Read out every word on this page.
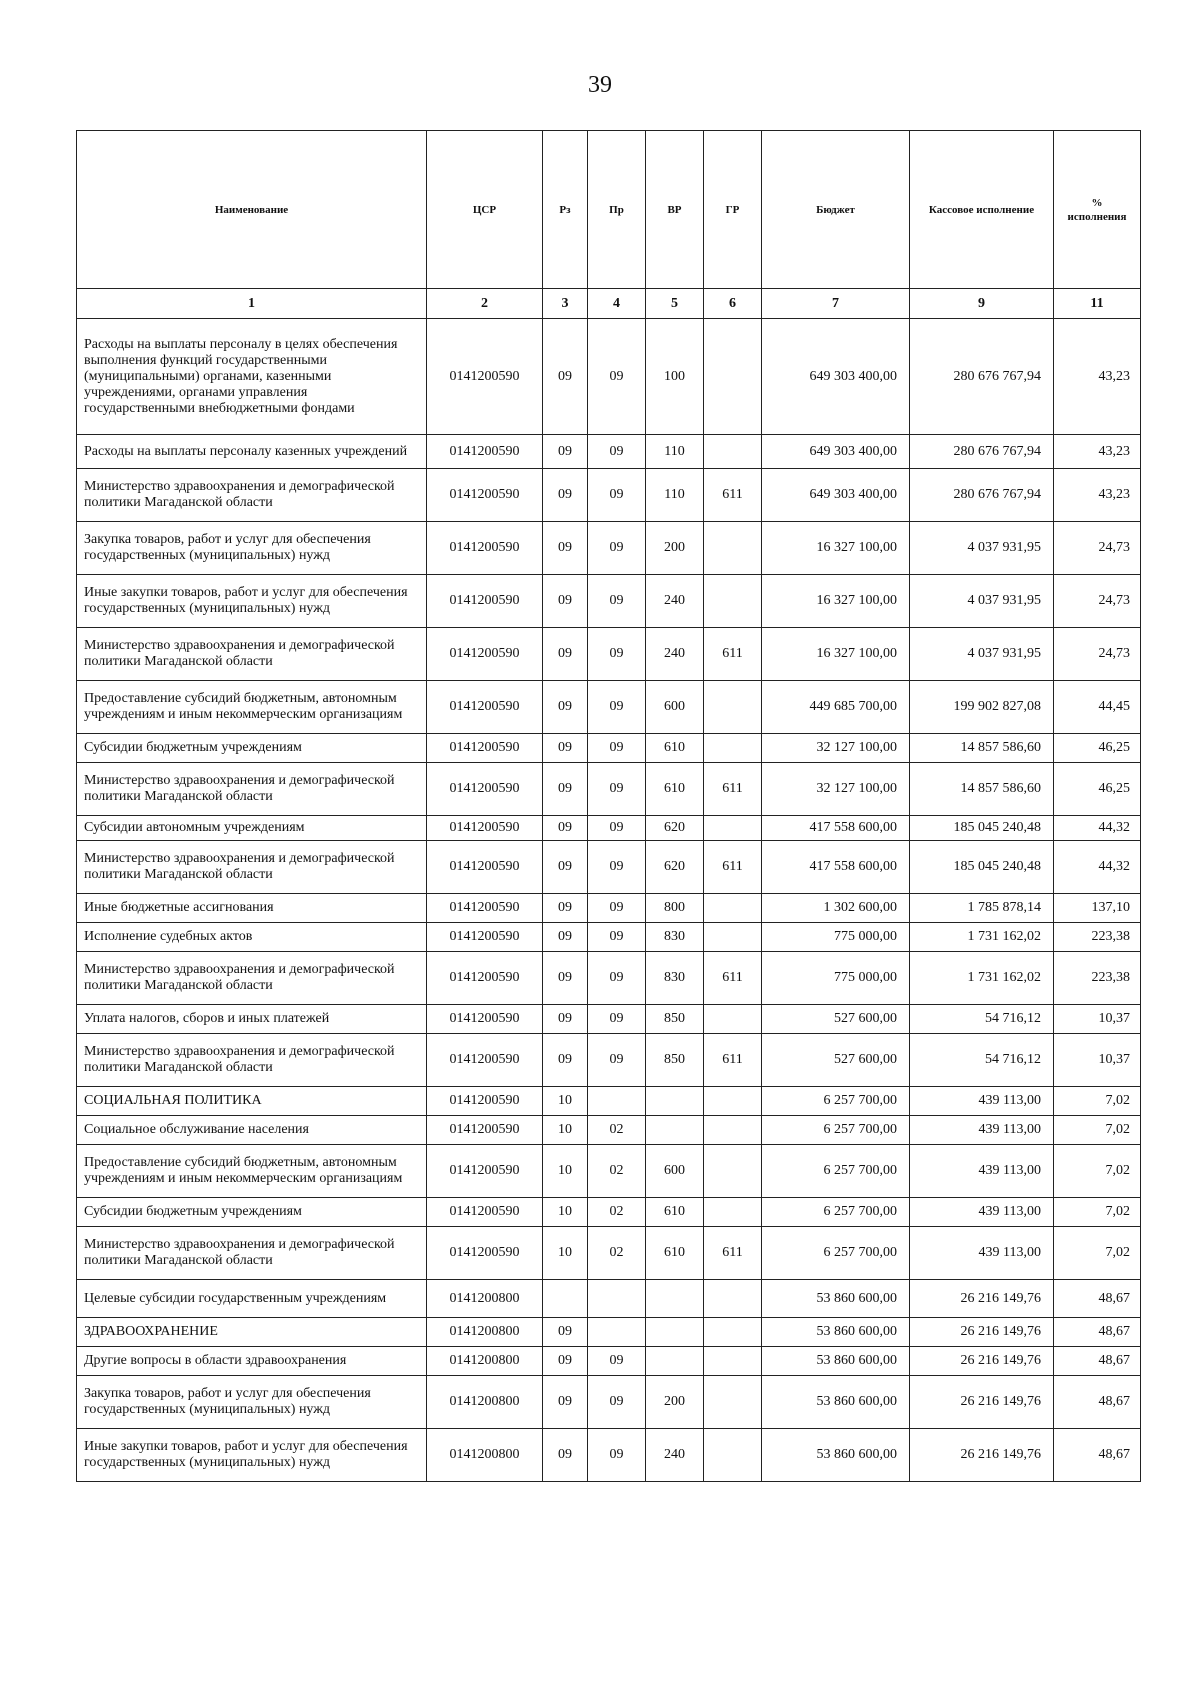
39
Наименование	ЦСР	Рз	Пр	ВР	ГР	Бюджет	Кассовое исполнение	% исполнения
1	2	3	4	5	6	7	9	11
Расходы на выплаты персоналу в целях обеспечения выполнения функций государственными (муниципальными) органами, казенными учреждениями, органами управления государственными внебюджетными фондами	0141200590	09	09	100		649 303 400,00	280 676 767,94	43,23
Расходы на выплаты персоналу казенных учреждений	0141200590	09	09	110		649 303 400,00	280 676 767,94	43,23
Министерство здравоохранения и демографической политики Магаданской области	0141200590	09	09	110	611	649 303 400,00	280 676 767,94	43,23
Закупка товаров, работ и услуг для обеспечения государственных (муниципальных) нужд	0141200590	09	09	200		16 327 100,00	4 037 931,95	24,73
Иные закупки товаров, работ и услуг для обеспечения государственных (муниципальных) нужд	0141200590	09	09	240		16 327 100,00	4 037 931,95	24,73
Министерство здравоохранения и демографической политики Магаданской области	0141200590	09	09	240	611	16 327 100,00	4 037 931,95	24,73
Предоставление субсидий бюджетным, автономным учреждениям и иным некоммерческим организациям	0141200590	09	09	600		449 685 700,00	199 902 827,08	44,45
Субсидии бюджетным учреждениям	0141200590	09	09	610		32 127 100,00	14 857 586,60	46,25
Министерство здравоохранения и демографической политики Магаданской области	0141200590	09	09	610	611	32 127 100,00	14 857 586,60	46,25
Субсидии автономным учреждениям	0141200590	09	09	620		417 558 600,00	185 045 240,48	44,32
Министерство здравоохранения и демографической политики Магаданской области	0141200590	09	09	620	611	417 558 600,00	185 045 240,48	44,32
Иные бюджетные ассигнования	0141200590	09	09	800		1 302 600,00	1 785 878,14	137,10
Исполнение судебных актов	0141200590	09	09	830		775 000,00	1 731 162,02	223,38
Министерство здравоохранения и демографической политики Магаданской области	0141200590	09	09	830	611	775 000,00	1 731 162,02	223,38
Уплата налогов, сборов и иных платежей	0141200590	09	09	850		527 600,00	54 716,12	10,37
Министерство здравоохранения и демографической политики Магаданской области	0141200590	09	09	850	611	527 600,00	54 716,12	10,37
СОЦИАЛЬНАЯ ПОЛИТИКА	0141200590	10				6 257 700,00	439 113,00	7,02
Социальное обслуживание населения	0141200590	10	02			6 257 700,00	439 113,00	7,02
Предоставление субсидий бюджетным, автономным учреждениям и иным некоммерческим организациям	0141200590	10	02	600		6 257 700,00	439 113,00	7,02
Субсидии бюджетным учреждениям	0141200590	10	02	610		6 257 700,00	439 113,00	7,02
Министерство здравоохранения и демографической политики Магаданской области	0141200590	10	02	610	611	6 257 700,00	439 113,00	7,02
Целевые субсидии государственным учреждениям	0141200800					53 860 600,00	26 216 149,76	48,67
ЗДРАВООХРАНЕНИЕ	0141200800	09				53 860 600,00	26 216 149,76	48,67
Другие вопросы в области здравоохранения	0141200800	09	09			53 860 600,00	26 216 149,76	48,67
Закупка товаров, работ и услуг для обеспечения государственных (муниципальных) нужд	0141200800	09	09	200		53 860 600,00	26 216 149,76	48,67
Иные закупки товаров, работ и услуг для обеспечения государственных (муниципальных) нужд	0141200800	09	09	240		53 860 600,00	26 216 149,76	48,67
